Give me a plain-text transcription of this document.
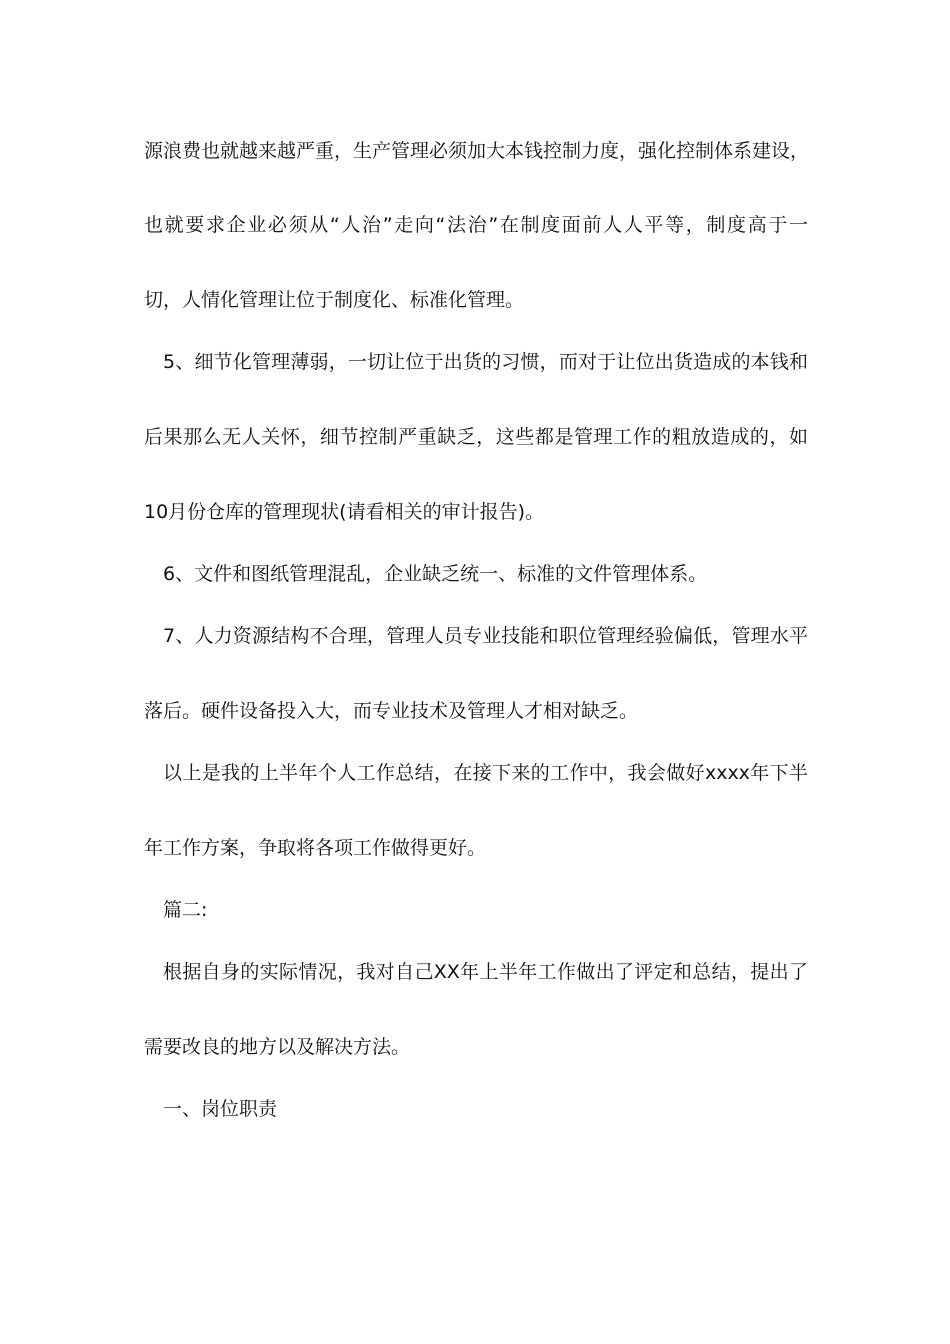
源浪费也就越来越严重，生产管理必须加大本钱控制力度，强化控制体系建设，
也就要求企业必须从“人治”走向“法治”在制度面前人人平等，制度高于一
切，人情化管理让位于制度化、标准化管理。
5、细节化管理薄弱，一切让位于出货的习惯，而对于让位出货造成的本钱和
后果那么无人关怀，细节控制严重缺乏，这些都是管理工作的粗放造成的，如
10月份仓库的管理现状(请看相关的审计报告)。
6、文件和图纸管理混乱，企业缺乏统一、标准的文件管理体系。
7、人力资源结构不合理，管理人员专业技能和职位管理经验偏低，管理水平
落后。硬件设备投入大，而专业技术及管理人才相对缺乏。
以上是我的上半年个人工作总结，在接下来的工作中，我会做好xxxx年下半
年工作方案，争取将各项工作做得更好。
篇二:
根据自身的实际情况，我对自己XX年上半年工作做出了评定和总结，提出了
需要改良的地方以及解决方法。
一、岗位职责
